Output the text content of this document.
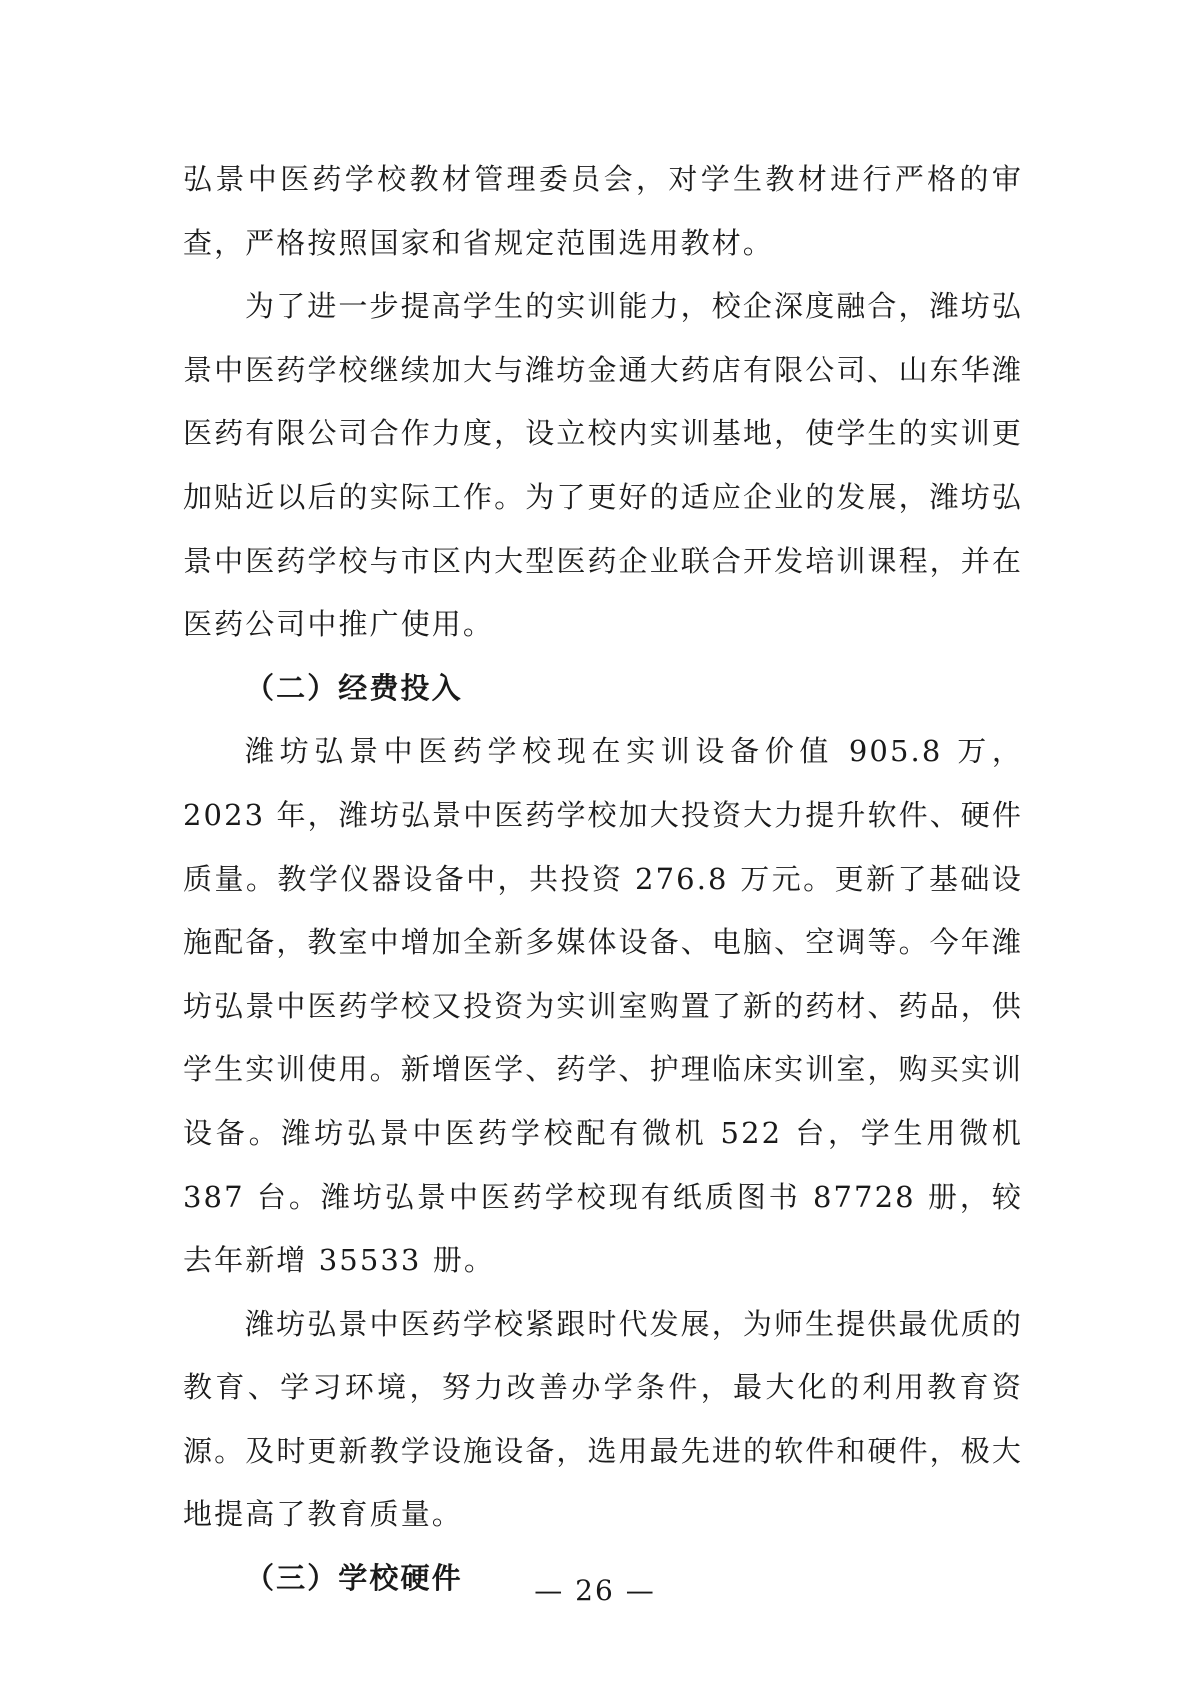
弘景中医药学校教材管理委员会，对学生教材进行严格的审查，严格按照国家和省规定范围选用教材。

为了进一步提高学生的实训能力，校企深度融合，潍坊弘景中医药学校继续加大与潍坊金通大药店有限公司、山东华潍医药有限公司合作力度，设立校内实训基地，使学生的实训更加贴近以后的实际工作。为了更好的适应企业的发展，潍坊弘景中医药学校与市区内大型医药企业联合开发培训课程，并在医药公司中推广使用。

（二）经费投入

潍坊弘景中医药学校现在实训设备价值 905.8 万，2023 年，潍坊弘景中医药学校加大投资大力提升软件、硬件质量。教学仪器设备中，共投资 276.8 万元。更新了基础设施配备，教室中增加全新多媒体设备、电脑、空调等。今年潍坊弘景中医药学校又投资为实训室购置了新的药材、药品，供学生实训使用。新增医学、药学、护理临床实训室，购买实训设备。潍坊弘景中医药学校配有微机 522 台，学生用微机 387 台。潍坊弘景中医药学校现有纸质图书 87728 册，较去年新增 35533 册。

潍坊弘景中医药学校紧跟时代发展，为师生提供最优质的教育、学习环境，努力改善办学条件，最大化的利用教育资源。及时更新教学设施设备，选用最先进的软件和硬件，极大地提高了教育质量。

（三）学校硬件	— 26 —
